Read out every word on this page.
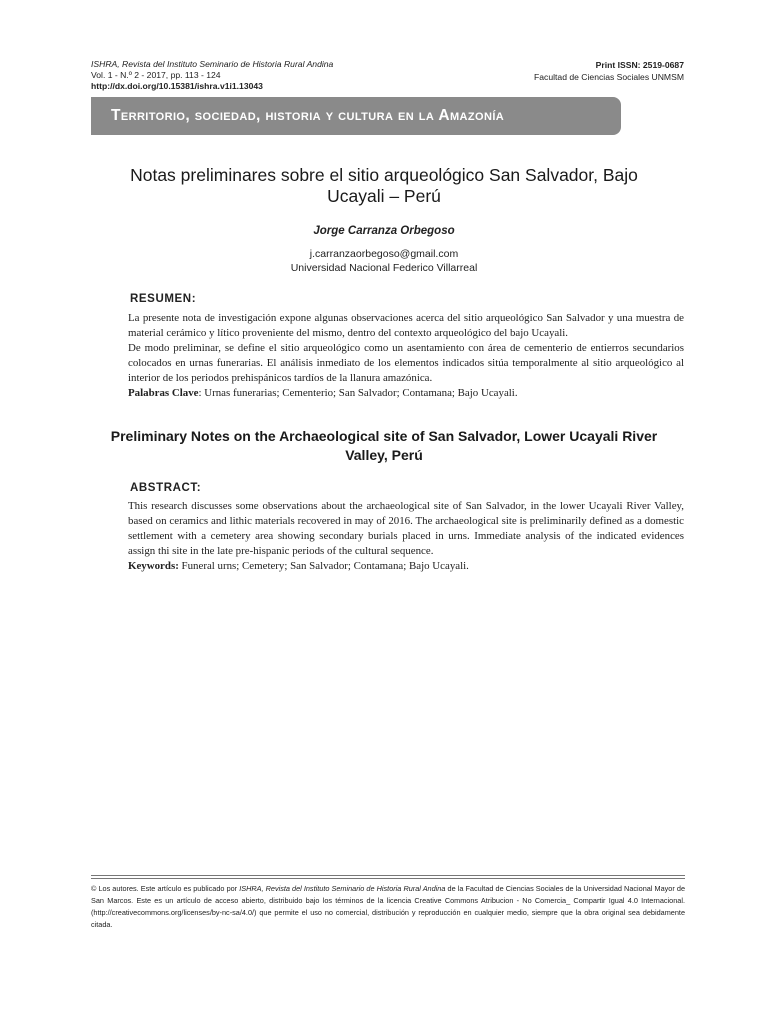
ISHRA, Revista del Instituto Seminario de Historia Rural Andina
Vol. 1 - N.º 2 - 2017, pp. 113 - 124
http://dx.doi.org/10.15381/ishra.v1i1.13043
Print ISSN: 2519-0687
Facultad de Ciencias Sociales UNMSM
Territorio, sociedad, historia y cultura en la Amazonía
Notas preliminares sobre el sitio arqueológico San Salvador, Bajo Ucayali – Perú
Jorge Carranza Orbegoso
j.carranzaorbegoso@gmail.com
Universidad Nacional Federico Villarreal
RESUMEN:

La presente nota de investigación expone algunas observaciones acerca del sitio arqueológico San Salvador y una muestra de material cerámico y lítico proveniente del mismo, dentro del contexto arqueológico del bajo Ucayali.

De modo preliminar, se define el sitio arqueológico como un asentamiento con área de cementerio de entierros secundarios colocados en urnas funerarias. El análisis inmediato de los elementos indicados sitúa temporalmente al sitio arqueológico al interior de los periodos prehispánicos tardíos de la llanura amazónica.

Palabras Clave: Urnas funerarias; Cementerio; San Salvador; Contamana; Bajo Ucayali.

Preliminary Notes on the Archaeological site of San Salvador, Lower Ucayali River Valley, Perú
ABSTRACT:

This research discusses some observations about the archaeological site of San Salvador, in the lower Ucayali River Valley, based on ceramics and lithic materials recovered in may of 2016. The archaeological site is preliminarily defined as a domestic settlement with a cemetery area showing secondary burials placed in urns. Immediate analysis of the indicated evidences assign thi site in the late pre-hispanic periods of the cultural sequence.

Keywords: Funeral urns; Cemetery; San Salvador; Contamana; Bajo Ucayali.

© Los autores. Este artículo es publicado por ISHRA, Revista del Instituto Seminario de Historia Rural Andina de la Facultad de Ciencias Sociales de la Universidad Nacional Mayor de San Marcos. Este es un artículo de acceso abierto, distribuido bajo los términos de la licencia Creative Commons Atribucion - No Comercia_ Compartir Igual 4.0 Internacional. (http://creativecommons.org/licenses/by-nc-sa/4.0/) que permite el uso no comercial, distribución y reproducción en cualquier medio, siempre que la obra original sea debidamente citada.
